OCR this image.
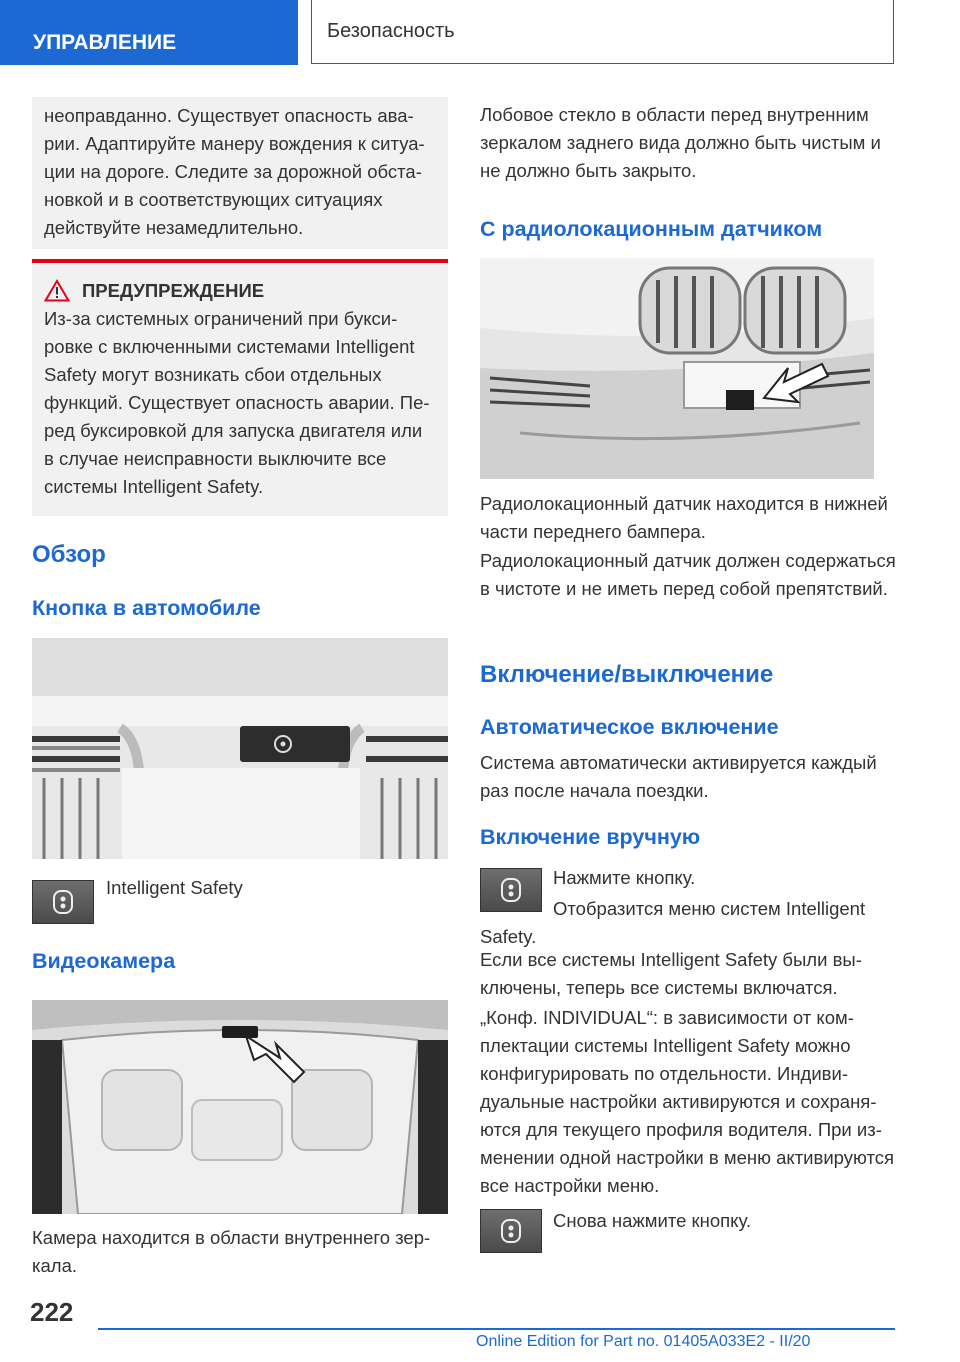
УПРАВЛЕНИЕ	Безопасность

неоправданно. Существует опасность аварии. Адаптируйте манеру вождения к ситуации на дороге. Следите за дорожной обстановкой и в соответствующих ситуациях действуйте незамедлительно.

ПРЕДУПРЕЖДЕНИЕ

Из-за системных ограничений при буксировке с включенными системами Intelligent Safety могут возникать сбои отдельных функций. Существует опасность аварии. Перед буксировкой для запуска двигателя или в случае неисправности выключите все системы Intelligent Safety.

Обзор
Кнопка в автомобиле
Intelligent Safety
Видеокамера

Камера находится в области внутреннего зеркала.

Лобовое стекло в области перед внутренним зеркалом заднего вида должно быть чистым и не должно быть закрыто.

С радиолокационным датчиком

Радиолокационный датчик находится в нижней части переднего бампера.

Радиолокационный датчик должен содержаться в чистоте и не иметь перед собой препятствий.

Включение/выключение
Автоматическое включение

Система автоматически активируется каждый раз после начала поездки.

Включение вручную
Нажмите кнопку.
Отобразится меню систем Intelligent
Safety.

Если все системы Intelligent Safety были выключены, теперь все системы включатся.

„Конф. INDIVIDUAL“: в зависимости от комплектации системы Intelligent Safety можно конфигурировать по отдельности. Индивидуальные настройки активируются и сохраняются для текущего профиля водителя. При изменении одной настройки в меню активируются все настройки меню.

Снова нажмите кнопку.
222
Online Edition for Part no. 01405A033E2 - II/20
